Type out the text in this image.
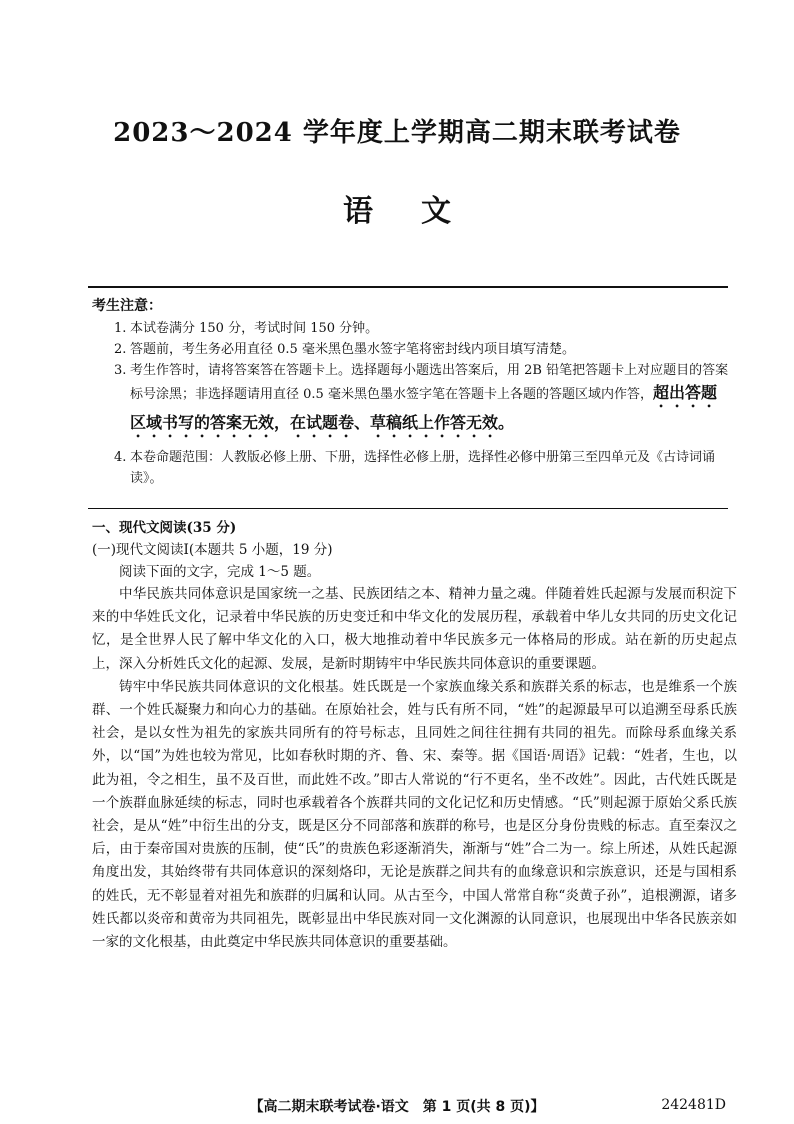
2023～2024 学年度上学期高二期末联考试卷
语文

考生注意：

1. 本试卷满分 150 分，考试时间 150 分钟。
2. 答题前，考生务必用直径 0.5 毫米黑色墨水签字笔将密封线内项目填写清楚。
3. 考生作答时，请将答案答在答题卡上。选择题每小题选出答案后，用 2B 铅笔把答题卡上对应题目的答案标号涂黑；非选择题请用直径 0.5 毫米黑色墨水签字笔在答题卡上各题的答题区域内作答，超出答题区域书写的答案无效，在试题卷、草稿纸上作答无效。
4. 本卷命题范围：人教版必修上册、下册，选择性必修上册，选择性必修中册第三至四单元及《古诗词诵读》。

一、现代文阅读(35 分)

(一)现代文阅读Ⅰ(本题共 5 小题，19 分)

阅读下面的文字，完成 1～5 题。

中华民族共同体意识是国家统一之基、民族团结之本、精神力量之魂。伴随着姓氏起源与发展而积淀下来的中华姓氏文化，记录着中华民族的历史变迁和中华文化的发展历程，承载着中华儿女共同的历史文化记忆，是全世界人民了解中华文化的入口，极大地推动着中华民族多元一体格局的形成。站在新的历史起点上，深入分析姓氏文化的起源、发展，是新时期铸牢中华民族共同体意识的重要课题。

铸牢中华民族共同体意识的文化根基。姓氏既是一个家族血缘关系和族群关系的标志，也是维系一个族群、一个姓氏凝聚力和向心力的基础。在原始社会，姓与氏有所不同，“姓”的起源最早可以追溯至母系氏族社会，是以女性为祖先的家族共同所有的符号标志，且同姓之间往往拥有共同的祖先。而除母系血缘关系外，以“国”为姓也较为常见，比如春秋时期的齐、鲁、宋、秦等。据《国语·周语》记载：“姓者，生也，以此为祖，令之相生，虽不及百世，而此姓不改。”即古人常说的“行不更名，坐不改姓”。因此，古代姓氏既是一个族群血脉延续的标志，同时也承载着各个族群共同的文化记忆和历史情感。“氏”则起源于原始父系氏族社会，是从“姓”中衍生出的分支，既是区分不同部落和族群的称号，也是区分身份贵贱的标志。直至秦汉之后，由于秦帝国对贵族的压制，使“氏”的贵族色彩逐渐消失，渐渐与“姓”合二为一。综上所述，从姓氏起源角度出发，其始终带有共同体意识的深刻烙印，无论是族群之间共有的血缘意识和宗族意识，还是与国相系的姓氏，无不彰显着对祖先和族群的归属和认同。从古至今，中国人常常自称“炎黄子孙”，追根溯源，诸多姓氏都以炎帝和黄帝为共同祖先，既彰显出中华民族对同一文化渊源的认同意识，也展现出中华各民族亲如一家的文化根基，由此奠定中华民族共同体意识的重要基础。

【高二期末联考试卷·语文　第 1 页(共 8 页)】	242481D
